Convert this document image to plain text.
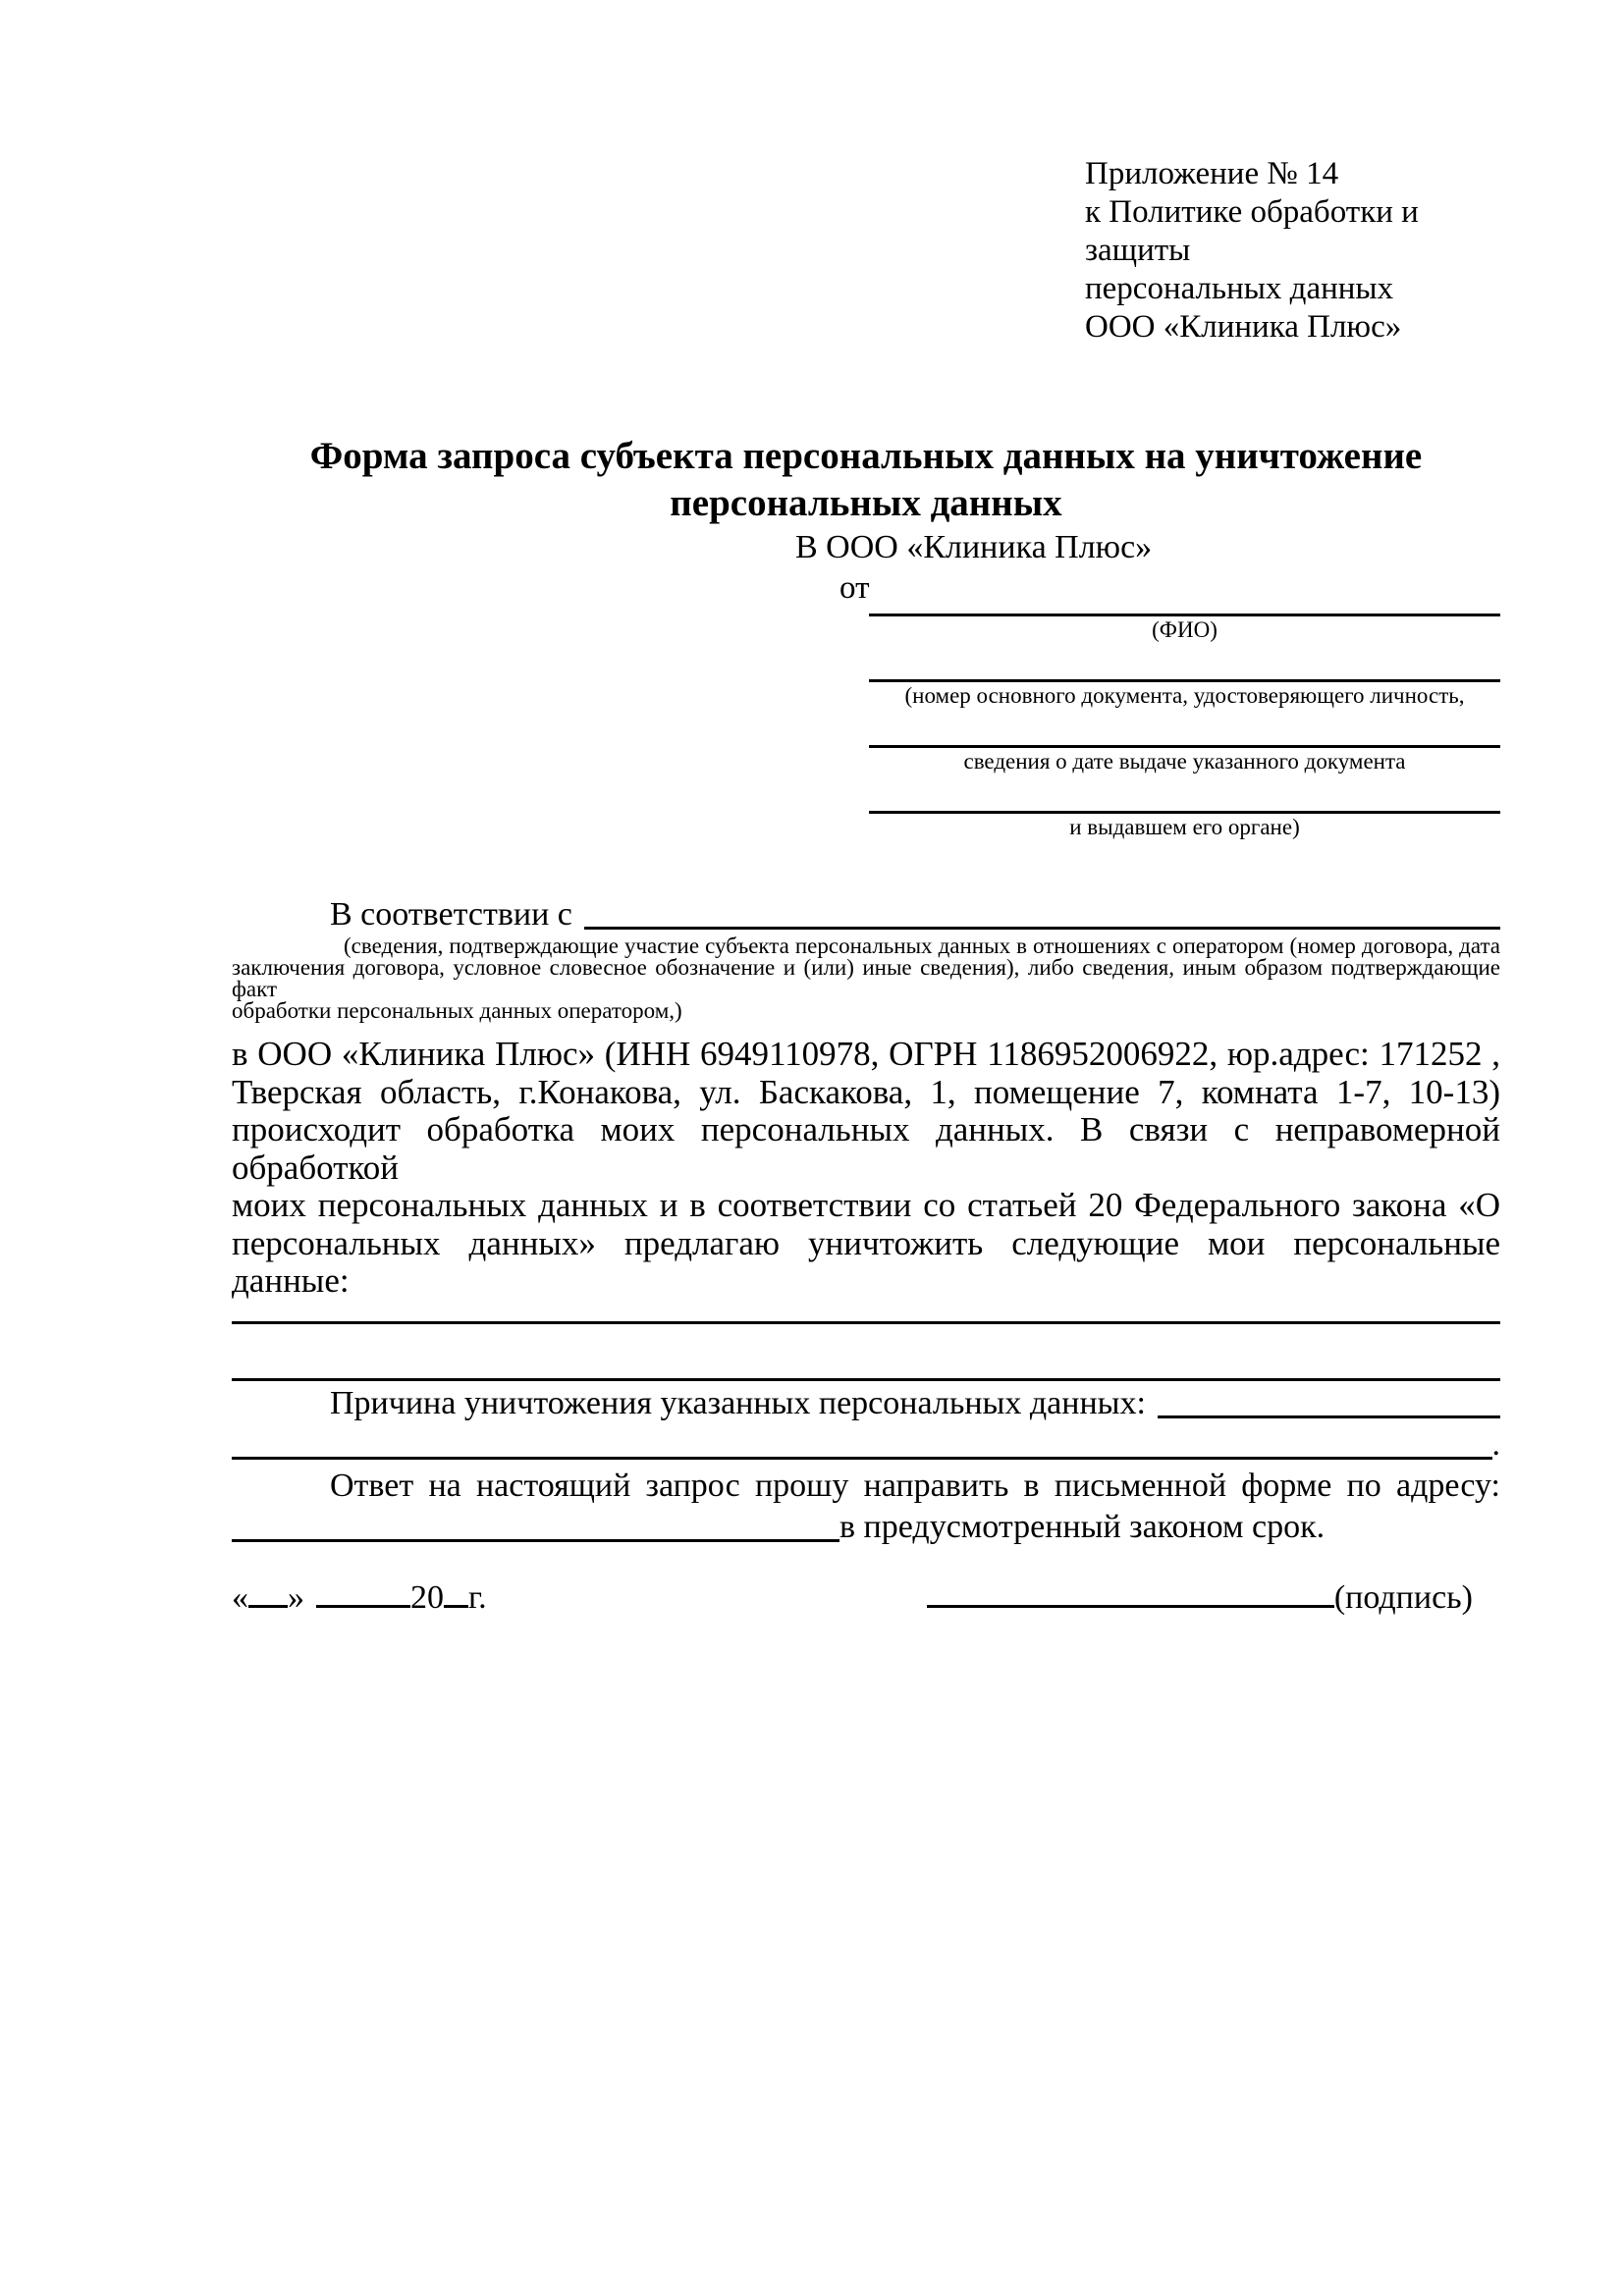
Приложение № 14
к Политике обработки и защиты
персональных данных
ООО «Клиника Плюс»
Форма запроса субъекта персональных данных на уничтожение
персональных данных
В ООО «Клиника Плюс»
от
(ФИО)
(номер основного документа, удостоверяющего личность,
сведения о дате выдаче указанного документа
и выдавшем его органе)
В соответствии с
(сведения, подтверждающие участие субъекта персональных данных в отношениях с оператором (номер договора, дата
заключения договора, условное словесное обозначение и (или) иные сведения), либо сведения, иным образом подтверждающие факт
обработки персональных данных оператором,)
в ООО «Клиника Плюс» (ИНН 6949110978, ОГРН 1186952006922, юр.адрес: 171252 ,
Тверская область, г.Конакова, ул. Баскакова, 1, помещение 7, комната 1-7, 10-13)
происходит обработка моих персональных данных. В связи с неправомерной обработкой
моих персональных данных и в соответствии со статьей 20 Федерального закона «О
персональных данных» предлагаю уничтожить следующие мои персональные данные:
Причина уничтожения указанных персональных данных:
.
Ответ на настоящий запрос прошу направить в письменной форме по адресу:
в предусмотренный законом срок.
« »	20 г.	(подпись)
